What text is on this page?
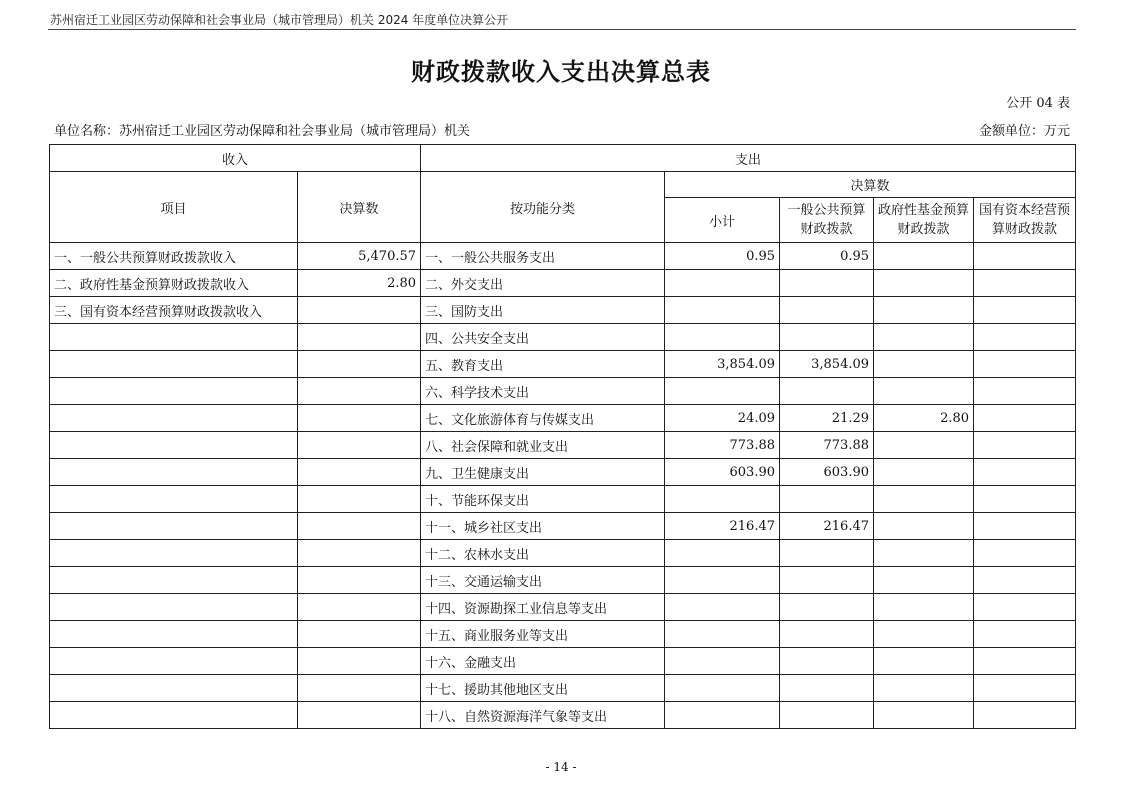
苏州宿迁工业园区劳动保障和社会事业局（城市管理局）机关 2024 年度单位决算公开
财政拨款收入支出决算总表
公开 04 表
单位名称：苏州宿迁工业园区劳动保障和社会事业局（城市管理局）机关	金额单位：万元
收入		支出				
项目	决算数	按功能分类	决算数			
			小计	一般公共预算财政拨款	政府性基金预算财政拨款	国有资本经营预算财政拨款
一、一般公共预算财政拨款收入	5,470.57	一、一般公共服务支出	0.95	0.95		
二、政府性基金预算财政拨款收入	2.80	二、外交支出				
三、国有资本经营预算财政拨款收入		三、国防支出				
		四、公共安全支出				
		五、教育支出	3,854.09	3,854.09		
		六、科学技术支出				
		七、文化旅游体育与传媒支出	24.09	21.29	2.80	
		八、社会保障和就业支出	773.88	773.88		
		九、卫生健康支出	603.90	603.90		
		十、节能环保支出				
		十一、城乡社区支出	216.47	216.47		
		十二、农林水支出				
		十三、交通运输支出				
		十四、资源勘探工业信息等支出				
		十五、商业服务业等支出				
		十六、金融支出				
		十七、援助其他地区支出				
		十八、自然资源海洋气象等支出				
- 14 -
